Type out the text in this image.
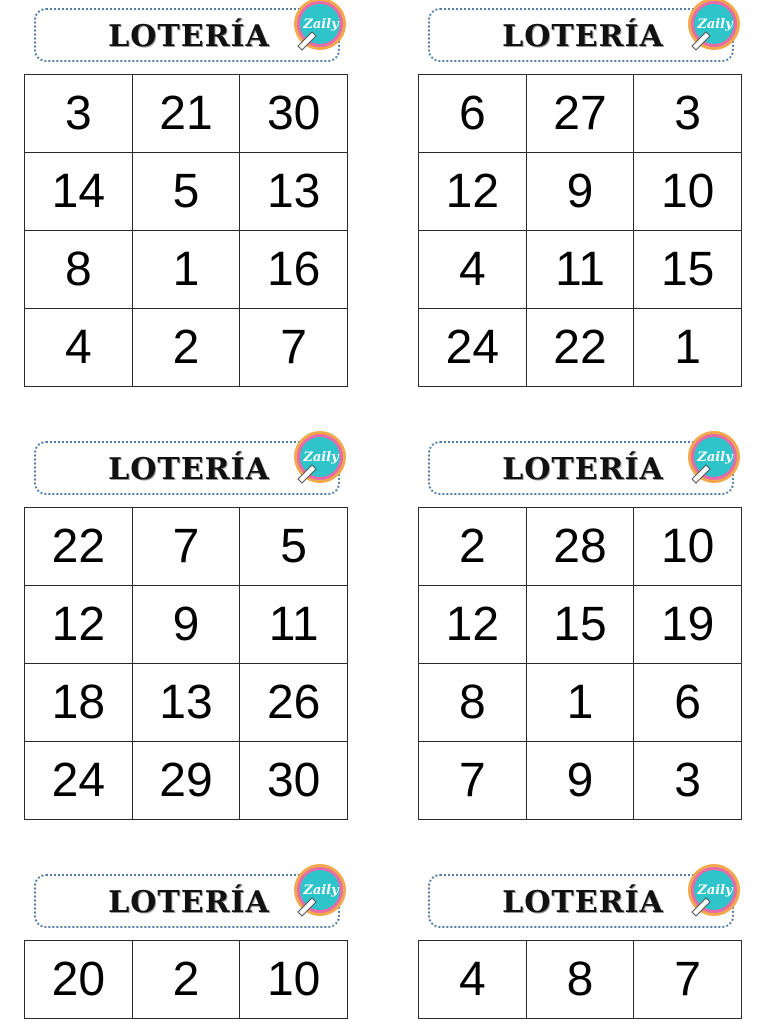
LOTERÍA	Zaily
3	21	30
14	5	13
8	1	16
4	2	7
LOTERÍA	Zaily
6	27	3
12	9	10
4	11	15
24	22	1
LOTERÍA	Zaily
22	7	5
12	9	11
18	13	26
24	29	30
LOTERÍA	Zaily
2	28	10
12	15	19
8	1	6
7	9	3
LOTERÍA	Zaily
20	2	10
LOTERÍA	Zaily
4	8	7
